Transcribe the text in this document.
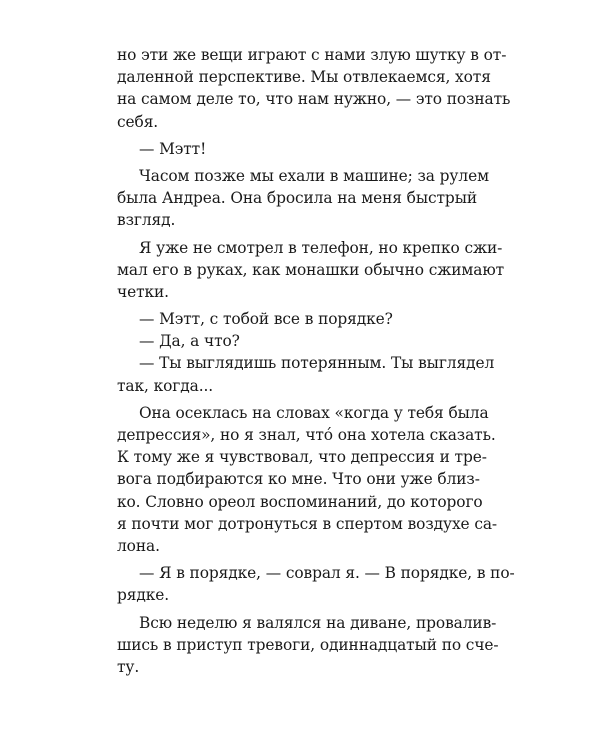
но эти же вещи играют с нами злую шутку в от-
даленной перспективе. Мы отвлекаемся, хотя
на самом деле то, что нам нужно, — это познать
себя.
— Мэтт!
Часом позже мы ехали в машине; за рулем
была Андреа. Она бросила на меня быстрый
взгляд.
Я уже не смотрел в телефон, но крепко сжи-
мал его в руках, как монашки обычно сжимают
четки.
— Мэтт, с тобой все в порядке?
— Да, а что?
— Ты выглядишь потерянным. Ты выглядел
так, когда...
Она осеклась на словах «когда у тебя была
депрессия», но я знал, что́ она хотела сказать.
К тому же я чувствовал, что депрессия и тре-
вога подбираются ко мне. Что они уже близ-
ко. Словно ореол воспоминаний, до которого
я почти мог дотронуться в спертом воздухе са-
лона.
— Я в порядке, — соврал я. — В порядке, в по-
рядке.
Всю неделю я валялся на диване, провалив-
шись в приступ тревоги, одиннадцатый по сче-
ту.
